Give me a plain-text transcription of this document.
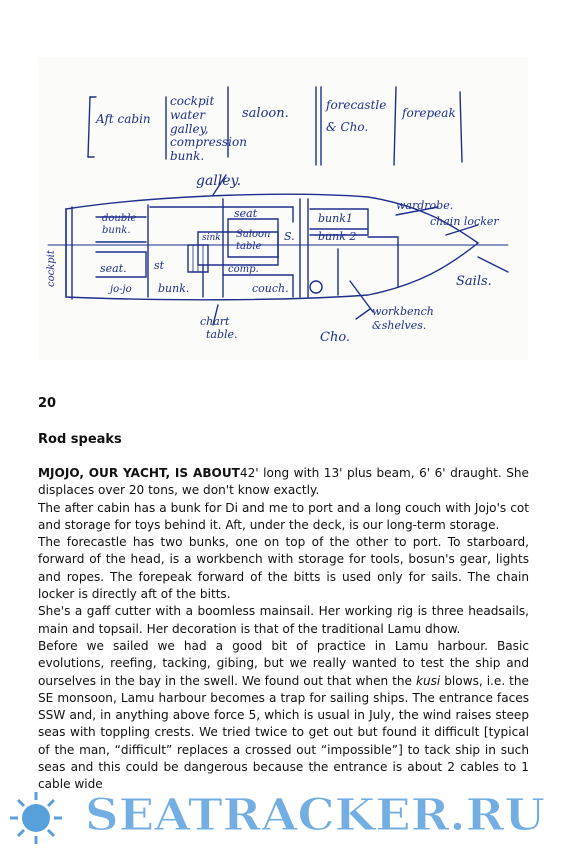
Aft cabin
cockpit
water
galley,
compression
bunk.
saloon.
forecastle
& Cho.
forepeak
galley.
double
bunk.
seat
Saloon
table
S.
bunk1
bunk 2
wardrobe.
chain locker
cockpit
sink
seat. st	comp.
jo-jo bunk.	couch.
chart
table.	Cho.
workbench
&shelves.
Sails.
20
Rod speaks

MJOJO, OUR YACHT, IS ABOUT42' long with 13' plus beam, 6' 6' draught. She displaces over 20 tons, we don't know exactly.

The after cabin has a bunk for Di and me to port and a long couch with Jojo's cot and storage for toys behind it. Aft, under the deck, is our long-term storage.

The forecastle has two bunks, one on top of the other to port. To starboard, forward of the head, is a workbench with storage for tools, bosun's gear, lights and ropes. The forepeak forward of the bitts is used only for sails. The chain locker is directly aft of the bitts.

She's a gaff cutter with a boomless mainsail. Her working rig is three headsails, main and topsail. Her decoration is that of the traditional Lamu dhow.

Before we sailed we had a good bit of practice in Lamu harbour. Basic evolutions, reefing, tacking, gibing, but we really wanted to test the ship and ourselves in the bay in the swell. We found out that when the kusi blows, i.e. the SE monsoon, Lamu harbour becomes a trap for sailing ships. The entrance faces SSW and, in anything above force 5, which is usual in July, the wind raises steep seas with toppling crests. We tried twice to get out but found it difficult [typical of the man, “difficult” replaces a crossed out “impossible”] to tack ship in such seas and this could be dangerous because the entrance is about 2 cables to 1 cable wide

SEATRACKER.RU
